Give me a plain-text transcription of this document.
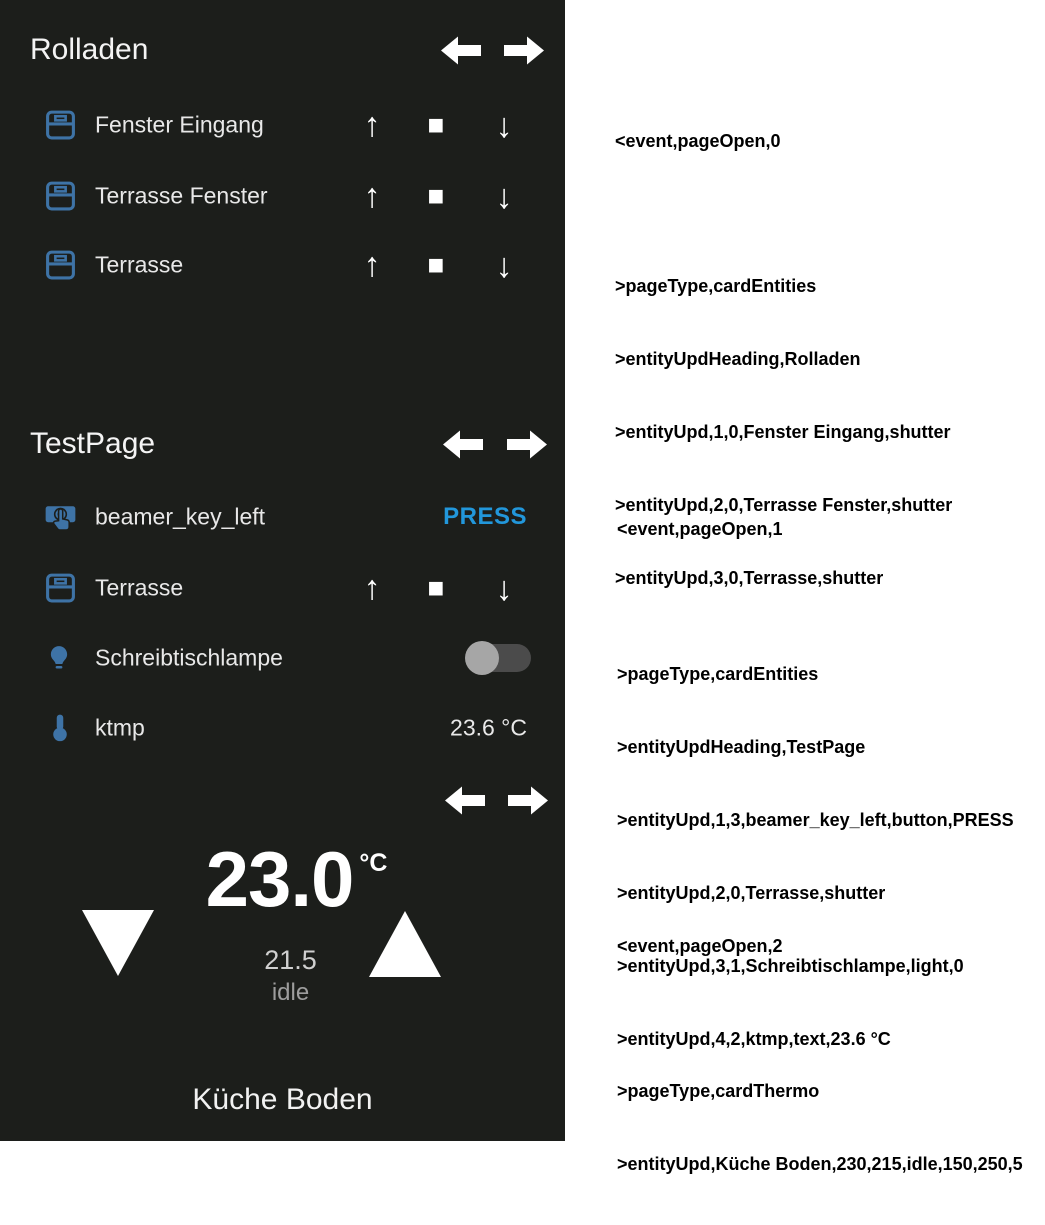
Rolladen
Fenster Eingang	↑	■	↓
Terrasse Fenster	↑	■	↓
Terrasse	↑	■	↓
TestPage
beamer_key_left	PRESS
Terrasse	↑	■	↓
Schreibtischlampe
ktmp	23.6 °C
23.0 °C
21.5
idle
Küche Boden

<event,pageOpen,0

>pageType,cardEntities

>entityUpdHeading,Rolladen

>entityUpd,1,0,Fenster Eingang,shutter

>entityUpd,2,0,Terrasse Fenster,shutter

>entityUpd,3,0,Terrasse,shutter

<event,pageOpen,1

>pageType,cardEntities

>entityUpdHeading,TestPage

>entityUpd,1,3,beamer_key_left,button,PRESS

>entityUpd,2,0,Terrasse,shutter

>entityUpd,3,1,Schreibtischlampe,light,0

>entityUpd,4,2,ktmp,text,23.6 °C

<event,pageOpen,2

>pageType,cardThermo

>entityUpd,Küche Boden,230,215,idle,150,250,5
